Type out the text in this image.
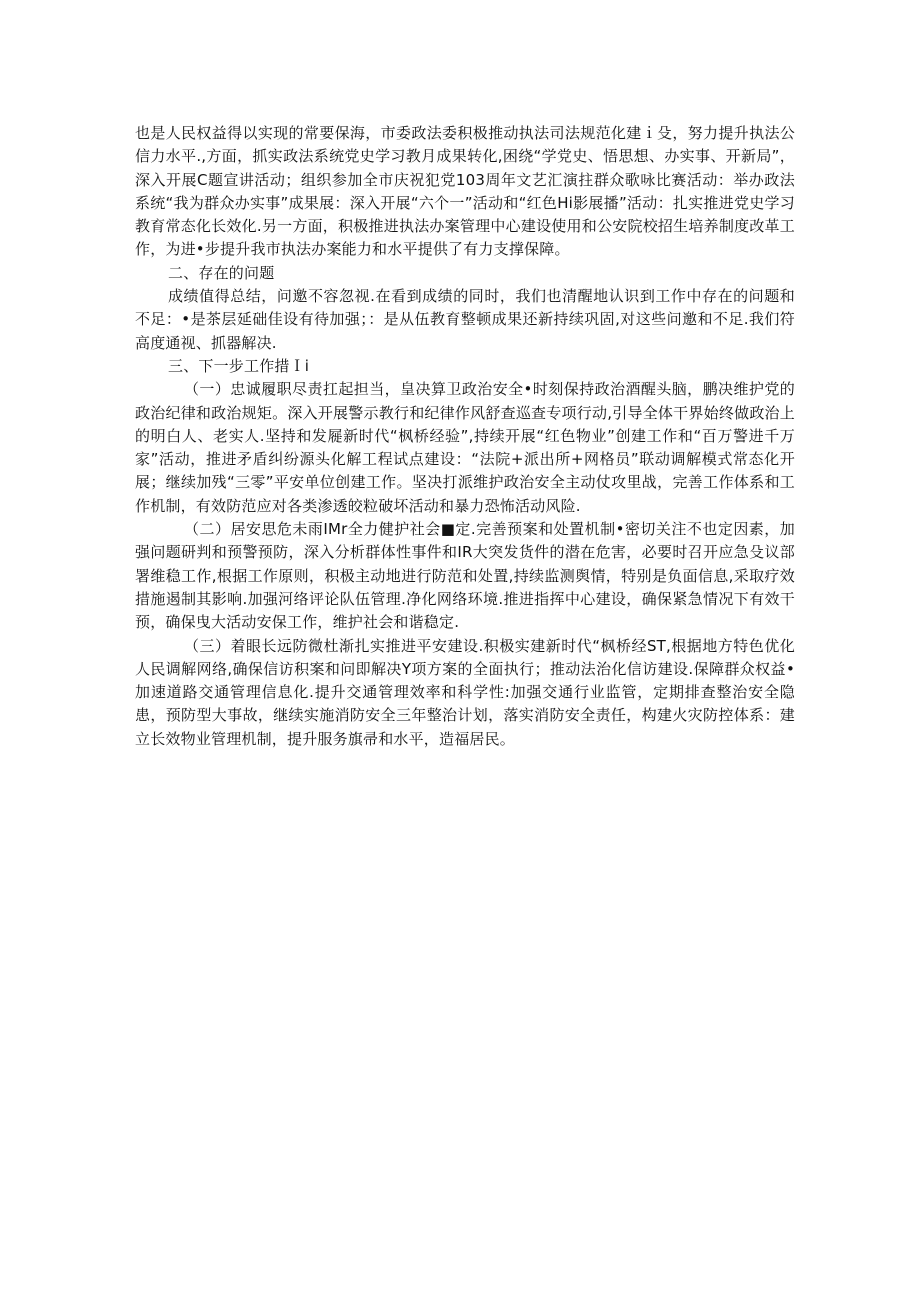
也是人民权益得以实现的常要保海，市委政法委积极推动执法司法规范化建ｉ殳，努力提升执法公信力水平.,方面，抓实政法系统党史学习教月成果转化,困绕“学党史、悟思想、办实事、开新局”，深入开展C题宣讲活动；组织参加全市庆祝犯党103周年文艺汇演拄群众歌咏比赛活动：举办政法系统“我为群众办实事”成果展：深入开展“六个一”活动和“红色Hi影展播”活动：扎实推进党史学习教育常态化长效化.另一方面，积极推进执法办案管理中心建设使用和公安院校招生培养制度改革工作，为进•步提升我市执法办案能力和水平提供了有力支撑保障。

二、存在的问题

成绩值得总结，问邀不容忽视.在看到成绩的同时，我们也清醒地认识到工作中存在的问题和不足：•是茶层延础佳设有待加强；：是从伍教育整顿成果还新持续巩固,对这些问邀和不足.我们符高度通视、抓器解决.

三、下一步工作措Ｉi

（一）忠诚履职尽责扛起担当，皇决算卫政治安全•时刻保持政治酒醒头脑，鹏决维护党的政治纪律和政治规矩。深入开展警示教行和纪律作风舒查巡查专项行动,引导全体干界始终做政治上的明白人、老实人.坚持和发屣新时代“枫桥经验”,持续开展“红色物业”创建工作和“百万警进千万家”活动，推进矛盾纠纷源头化解工程试点建设：“法院+派出所+网格员”联动调解模式常态化开展；继续加残“三零”平安单位创建工作。坚决打派维护政治安全主动仗攻里战，完善工作体系和工作机制，有效防范应对各类渗透皎粒破坏活动和暴力恐怖活动风险.

（二）居安思危未雨IMr全力健护社会■定.完善预案和处置机制•密切关注不也定因素，加强问题研判和预警预防，深入分析群体性事件和IR大突发货件的潜在危害，必要时召开应急殳议部署维稳工作,根据工作原则，积极主动地进行防范和处置,持续监测舆情，特别是负面信息,采取疗效措施遏制其影响.加强河络评论队伍管理.净化网络环境.推进指挥中心建设，确保紧急情况下有效干预，确保曳大活动安保工作，维护社会和谐稳定.

（三）着眼长远防微杜渐扎实推进平安建设.积极实建新时代“枫桥经ST,根据地方特色优化人民调解网络,确保信访积案和问即解决Y项方案的全面执行；推动法治化信访建设.保障群众权益•加速道路交通管理信息化.提升交通管理效率和科学性:加强交通行业监管，定期排查整治安全隐患，预防型大事故，继续实施消防安全三年整治计划，落实消防安全责任，构建火灾防控体系：建立长效物业管理机制，提升服务旗帚和水平，造福居民。
